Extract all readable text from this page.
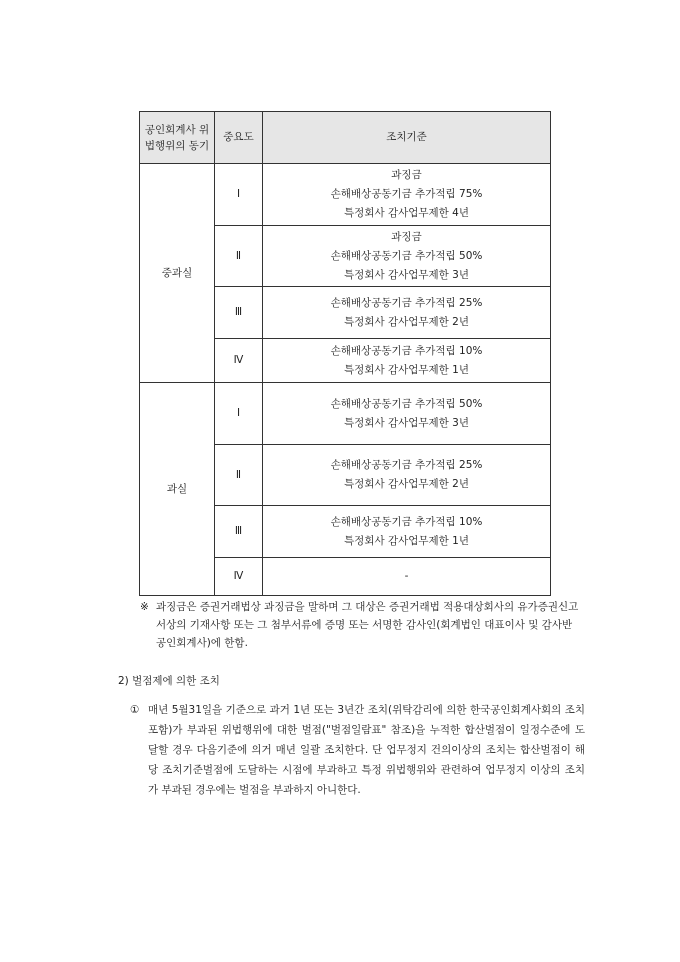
공인회계사 위법행위의 동기	중요도	조치기준
중과실	Ⅰ	과징금
손해배상공동기금 추가적립 75%
특정회사 감사업무제한 4년

	Ⅱ	과징금
손해배상공동기금 추가적립 50%
특정회사 감사업무제한 3년

	Ⅲ	손해배상공동기금 추가적립 25%
특정회사 감사업무제한 2년

	Ⅳ	손해배상공동기금 추가적립 10%
특정회사 감사업무제한 1년

과실	Ⅰ	손해배상공동기금 추가적립 50%
특정회사 감사업무제한 3년

	Ⅱ	손해배상공동기금 추가적립 25%
특정회사 감사업무제한 2년

	Ⅲ	손해배상공동기금 추가적립 10%
특정회사 감사업무제한 1년

	Ⅳ	-
※ 과징금은 증권거래법상 과징금을 말하며 그 대상은 증권거래법 적용대상회사의 유가증권신고서상의 기재사항 또는 그 첨부서류에 증명 또는 서명한 감사인(회계법인 대표이사 및 감사반 공인회계사)에 한함.
2) 벌점제에 의한 조치
① 매년 5월31일을 기준으로 과거 1년 또는 3년간 조치(위탁감리에 의한 한국공인회계사회의 조치 포함)가 부과된 위법행위에 대한 벌점("벌점일람표" 참조)을 누적한 합산벌점이 일정수준에 도달할 경우 다음기준에 의거 매년 일괄 조치한다. 단 업무정지 건의이상의 조치는 합산벌점이 해당 조치기준벌점에 도달하는 시점에 부과하고 특정 위법행위와 관련하여 업무정지 이상의 조치가 부과된 경우에는 벌점을 부과하지 아니한다.
